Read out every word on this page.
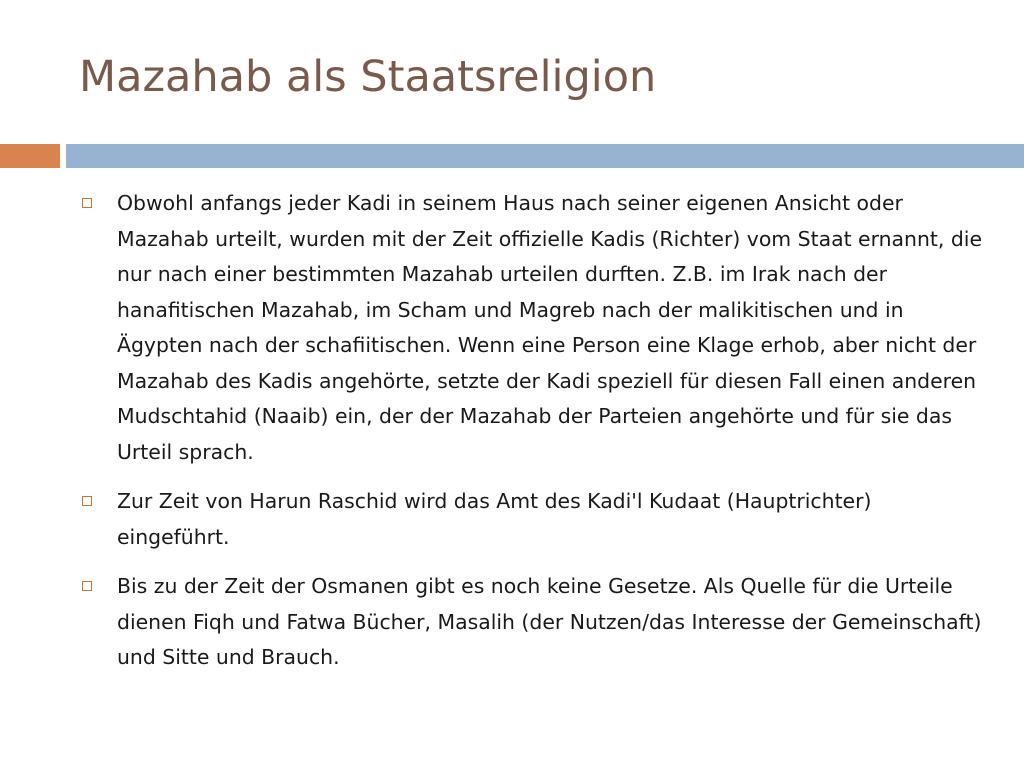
Mazahab als Staatsreligion
Obwohl anfangs jeder Kadi in seinem Haus nach seiner eigenen Ansicht oder Mazahab urteilt, wurden mit der Zeit offizielle Kadis (Richter) vom Staat ernannt, die nur nach einer bestimmten Mazahab urteilen durften. Z.B. im Irak nach der hanafitischen Mazahab, im Scham und Magreb nach der malikitischen und in Ägypten nach der schafiitischen. Wenn eine Person eine Klage erhob, aber nicht der Mazahab des Kadis angehörte, setzte der Kadi speziell für diesen Fall einen anderen Mudschtahid (Naaib) ein, der der Mazahab der Parteien angehörte und für sie das Urteil sprach.
Zur Zeit von Harun Raschid wird das Amt des Kadi'l Kudaat (Hauptrichter) eingeführt.
Bis zu der Zeit der Osmanen gibt es noch keine Gesetze. Als Quelle für die Urteile dienen Fiqh und Fatwa Bücher, Masalih (der Nutzen/das Interesse der Gemeinschaft) und Sitte und Brauch.
